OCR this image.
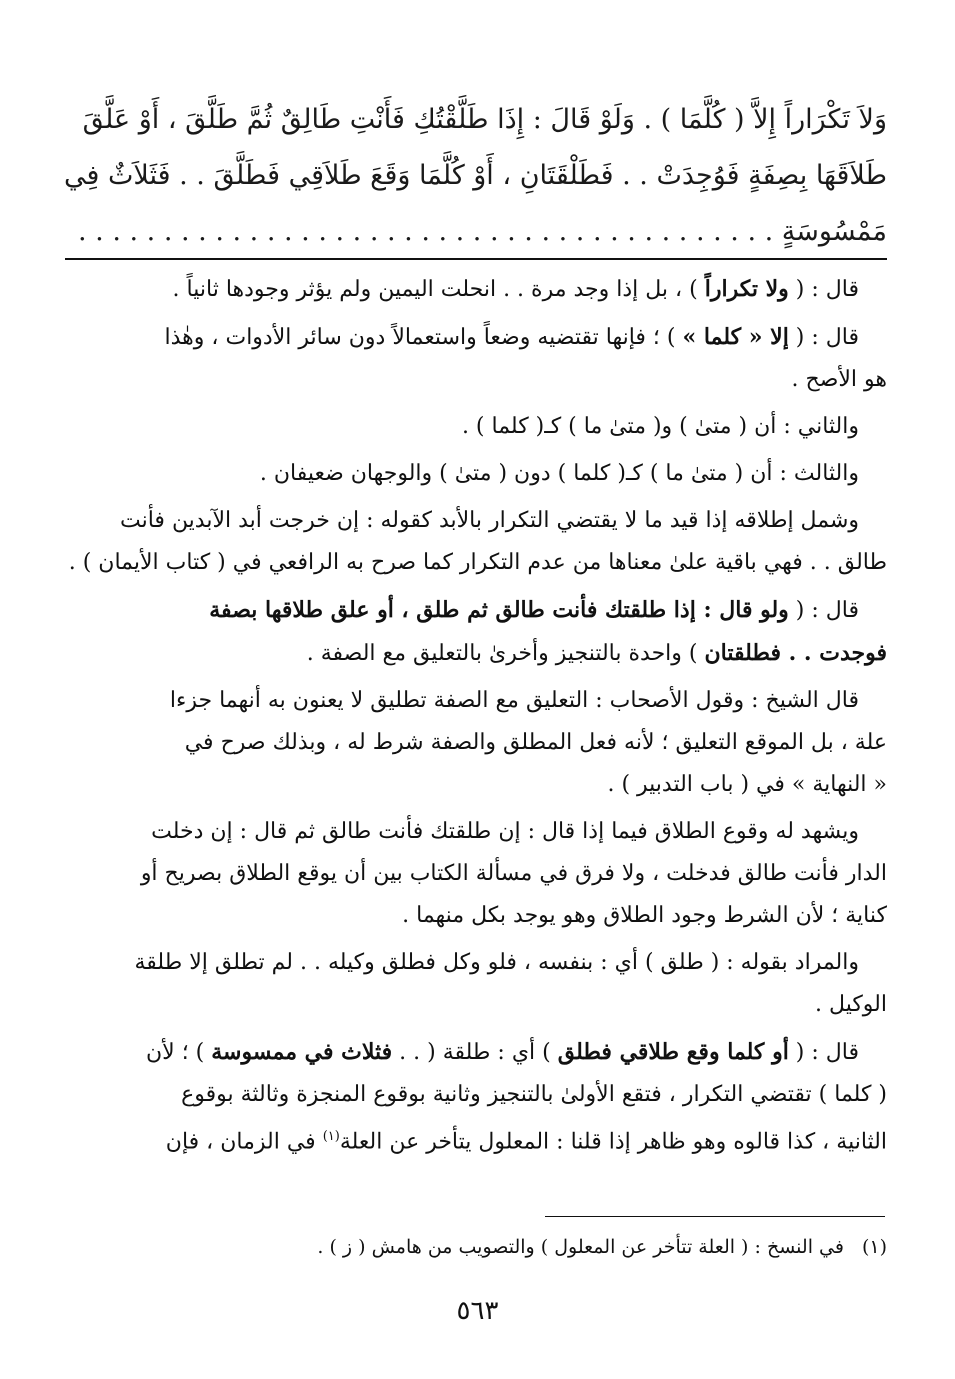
وَلاَ تَكْرَاراً إِلاَّ ( كُلَّمَا ) . وَلَوْ قَالَ : إِذَا طَلَّقْتُكِ فَأَنْتِ طَالِقٌ ثُمَّ طَلَّقَ ، أَوْ عَلَّقَ
طَلاَقَهَا بِصِفَةٍ فَوُجِدَتْ . . فَطَلْقَتَانِ ، أَوْ كُلَّمَا وَقَعَ طَلاَقِي فَطَلَّقَ . . فَثَلاَثٌ فِي
مَمْسُوسَةٍ . . . . . . . . . . . . . . . . . . . . . . . . . . . . . . . . . . . . . . . . .

قال : ( ولا تكراراً ) ، بل إذا وجد مرة . . انحلت اليمين ولم يؤثر وجودها ثانياً .

قال : ( إلا « كلما » ) ؛ فإنها تقتضيه وضعاً واستعمالاً دون سائر الأدوات ، وهٰذا
هو الأصح .

والثاني : أن ( متىٰ ) و( متىٰ ما ) كـ( كلما ) .

والثالث : أن ( متىٰ ما ) كـ( كلما ) دون ( متىٰ ) والوجهان ضعيفان .

وشمل إطلاقه إذا قيد ما لا يقتضي التكرار بالأبد كقوله : إن خرجت أبد الآبدين فأنت
طالق . . فهي باقية علىٰ معناها من عدم التكرار كما صرح به الرافعي في ( كتاب الأيمان ) .

قال : ( ولو قال : إذا طلقتك فأنت طالق ثم طلق ، أو علق طلاقها بصفة
فوجدت . . فطلقتان ) واحدة بالتنجيز وأخرىٰ بالتعليق مع الصفة .

قال الشيخ : وقول الأصحاب : التعليق مع الصفة تطليق لا يعنون به أنهما جزءا
علة ، بل الموقع التعليق ؛ لأنه فعل المطلق والصفة شرط له ، وبذلك صرح في
« النهاية » في ( باب التدبير ) .

ويشهد له وقوع الطلاق فيما إذا قال : إن طلقتك فأنت طالق ثم قال : إن دخلت
الدار فأنت طالق فدخلت ، ولا فرق في مسألة الكتاب بين أن يوقع الطلاق بصريح أو
كناية ؛ لأن الشرط وجود الطلاق وهو يوجد بكل منهما .

والمراد بقوله : ( طلق ) أي : بنفسه ، فلو وكل فطلق وكيله . . لم تطلق إلا طلقة
الوكيل .

قال : ( أو كلما وقع طلاقي فطلق ) أي : طلقة ( . . فثلاث في ممسوسة ) ؛ لأن
( كلما ) تقتضي التكرار ، فتقع الأولىٰ بالتنجيز وثانية بوقوع المنجزة وثالثة بوقوع
الثانية ، كذا قالوه وهو ظاهر إذا قلنا : المعلول يتأخر عن العلة$^{(١)}$ في الزمان ، فإن

(١)في النسخ : ( العلة تتأخر عن المعلول ) والتصويب من هامش ( ز ) .
٥٦٣
